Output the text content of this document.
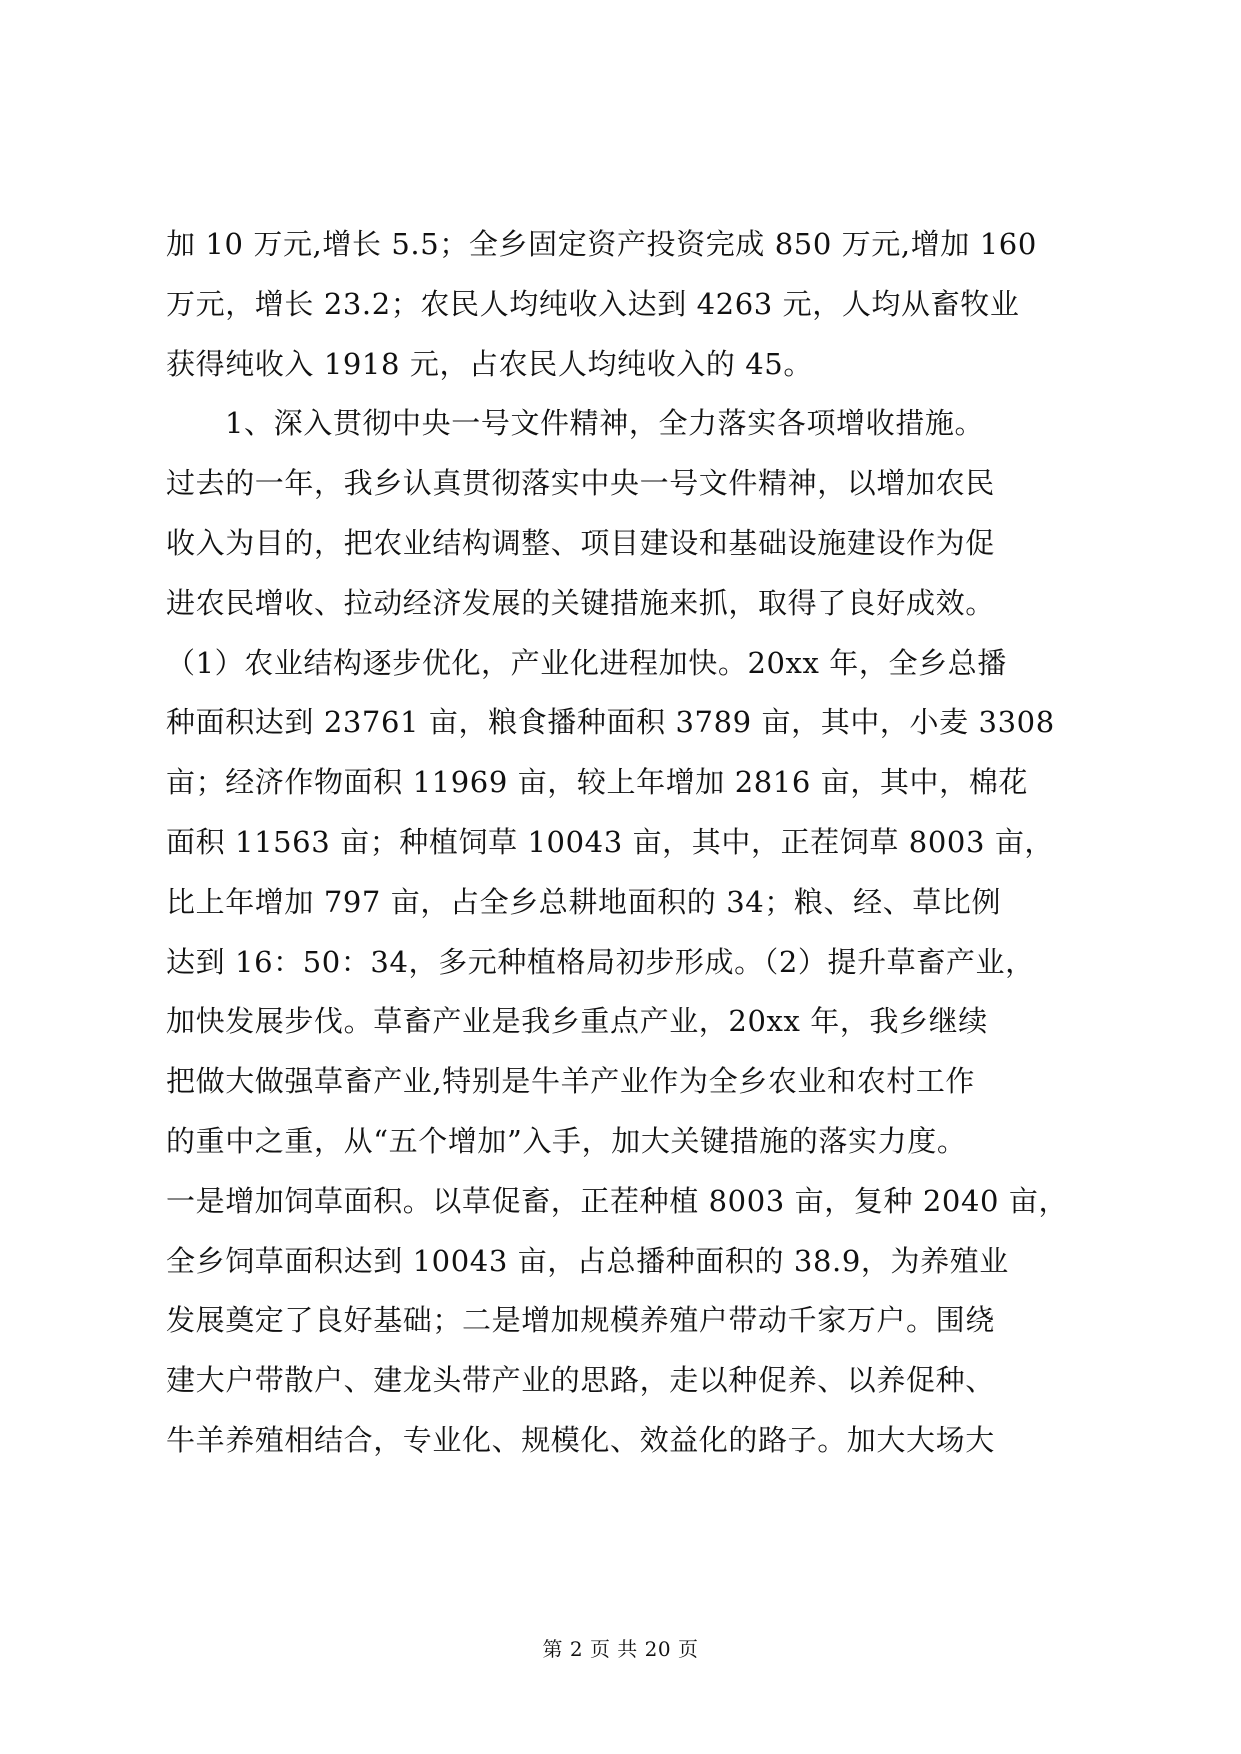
加 10 万元,增长 5.5；全乡固定资产投资完成 850 万元,增加 160
万元，增长 23.2；农民人均纯收入达到 4263 元，人均从畜牧业
获得纯收入 1918 元，占农民人均纯收入的 45。
1、深入贯彻中央一号文件精神，全力落实各项增收措施。
过去的一年，我乡认真贯彻落实中央一号文件精神，以增加农民
收入为目的，把农业结构调整、项目建设和基础设施建设作为促
进农民增收、拉动经济发展的关键措施来抓，取得了良好成效。
（1）农业结构逐步优化，产业化进程加快。20xx 年，全乡总播
种面积达到 23761 亩，粮食播种面积 3789 亩，其中，小麦 3308
亩；经济作物面积 11969 亩，较上年增加 2816 亩，其中，棉花
面积 11563 亩；种植饲草 10043 亩，其中，正茬饲草 8003 亩，
比上年增加 797 亩，占全乡总耕地面积的 34；粮、经、草比例
达到 16：50：34，多元种植格局初步形成。（2）提升草畜产业，
加快发展步伐。草畜产业是我乡重点产业，20xx 年，我乡继续
把做大做强草畜产业,特别是牛羊产业作为全乡农业和农村工作
的重中之重，从“五个增加”入手，加大关键措施的落实力度。
一是增加饲草面积。以草促畜，正茬种植 8003 亩，复种 2040 亩，
全乡饲草面积达到 10043 亩，占总播种面积的 38.9，为养殖业
发展奠定了良好基础；二是增加规模养殖户带动千家万户。围绕
建大户带散户、建龙头带产业的思路，走以种促养、以养促种、
牛羊养殖相结合，专业化、规模化、效益化的路子。加大大场大
第 2 页 共 20 页
